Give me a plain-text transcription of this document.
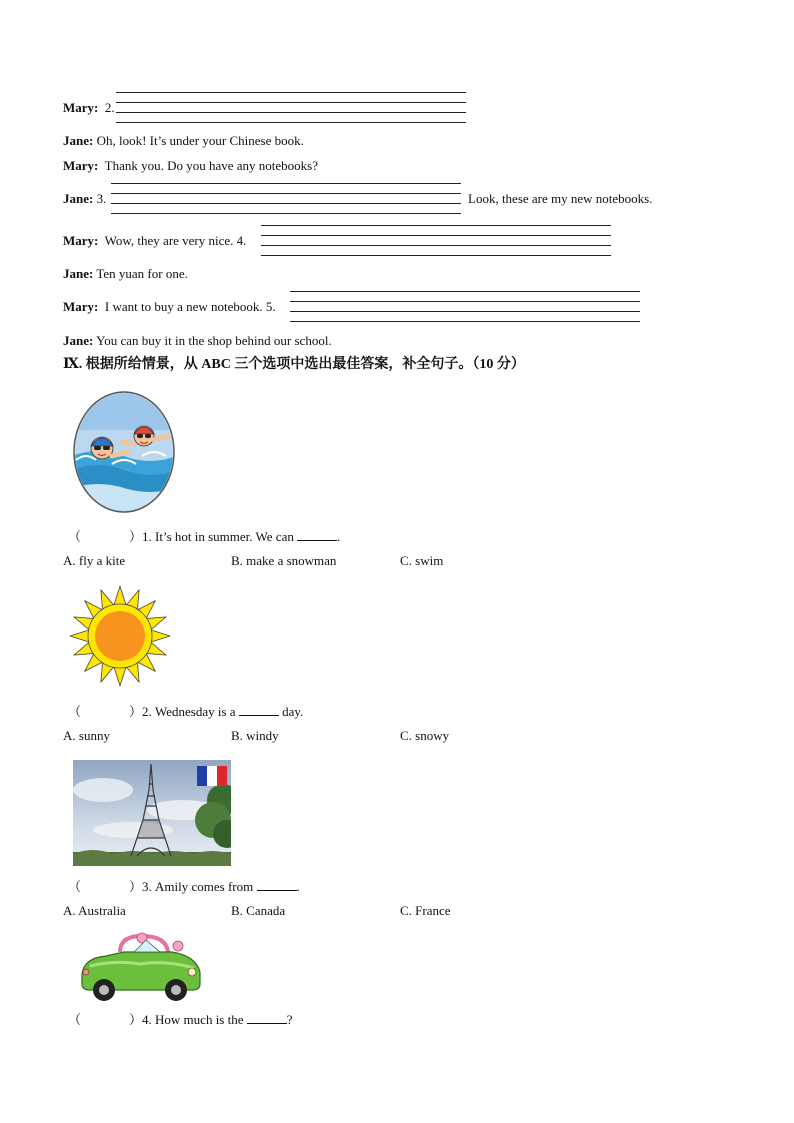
Mary: 2.
Jane: Oh, look! It’s under your Chinese book.
Mary: Thank you. Do you have any notebooks?
Jane: 3.	Look, these are my new notebooks.
Mary: Wow, they are very nice. 4.
Jane: Ten yuan for one.
Mary: I want to buy a new notebook. 5.
Jane: You can buy it in the shop behind our school.
Ⅸ. 根据所给情景，从 ABC 三个选项中选出最佳答案，补全句子。（10 分）
（	）1. It’s hot in summer. We can	.
A. fly a kite	B. make a snowman	C. swim
（	）2. Wednesday is a	day.
A. sunny	B. windy	C. snowy
（	）3. Amily comes from	.
A. Australia	B. Canada	C. France
（	）4. How much is the	?
